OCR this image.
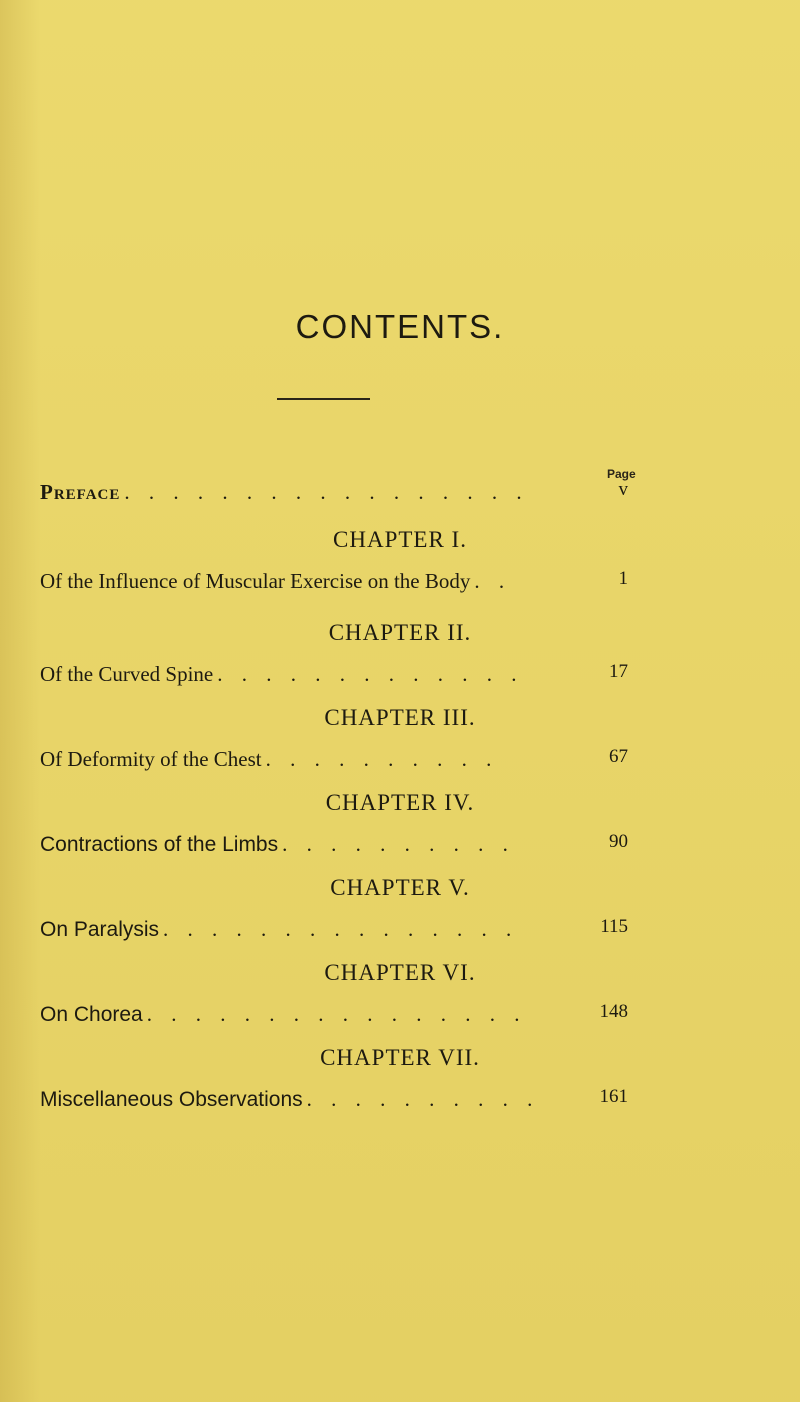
CONTENTS.
Page
Preface . . . . . . . . . . . . . . . . .	v
CHAPTER I.
Of the Influence of Muscular Exercise on the Body . .	1
CHAPTER II.
Of the Curved Spine . . . . . . . . . . . . .	17
CHAPTER III.
Of Deformity of the Chest . . . . . . . . . .	67
CHAPTER IV.
Contractions of the Limbs . . . . . . . . . .	90
CHAPTER V.
On Paralysis . . . . . . . . . . . . . . .	115
CHAPTER VI.
On Chorea . . . . . . . . . . . . . . . .	148
CHAPTER VII.
Miscellaneous Observations . . . . . . . . . .	161
